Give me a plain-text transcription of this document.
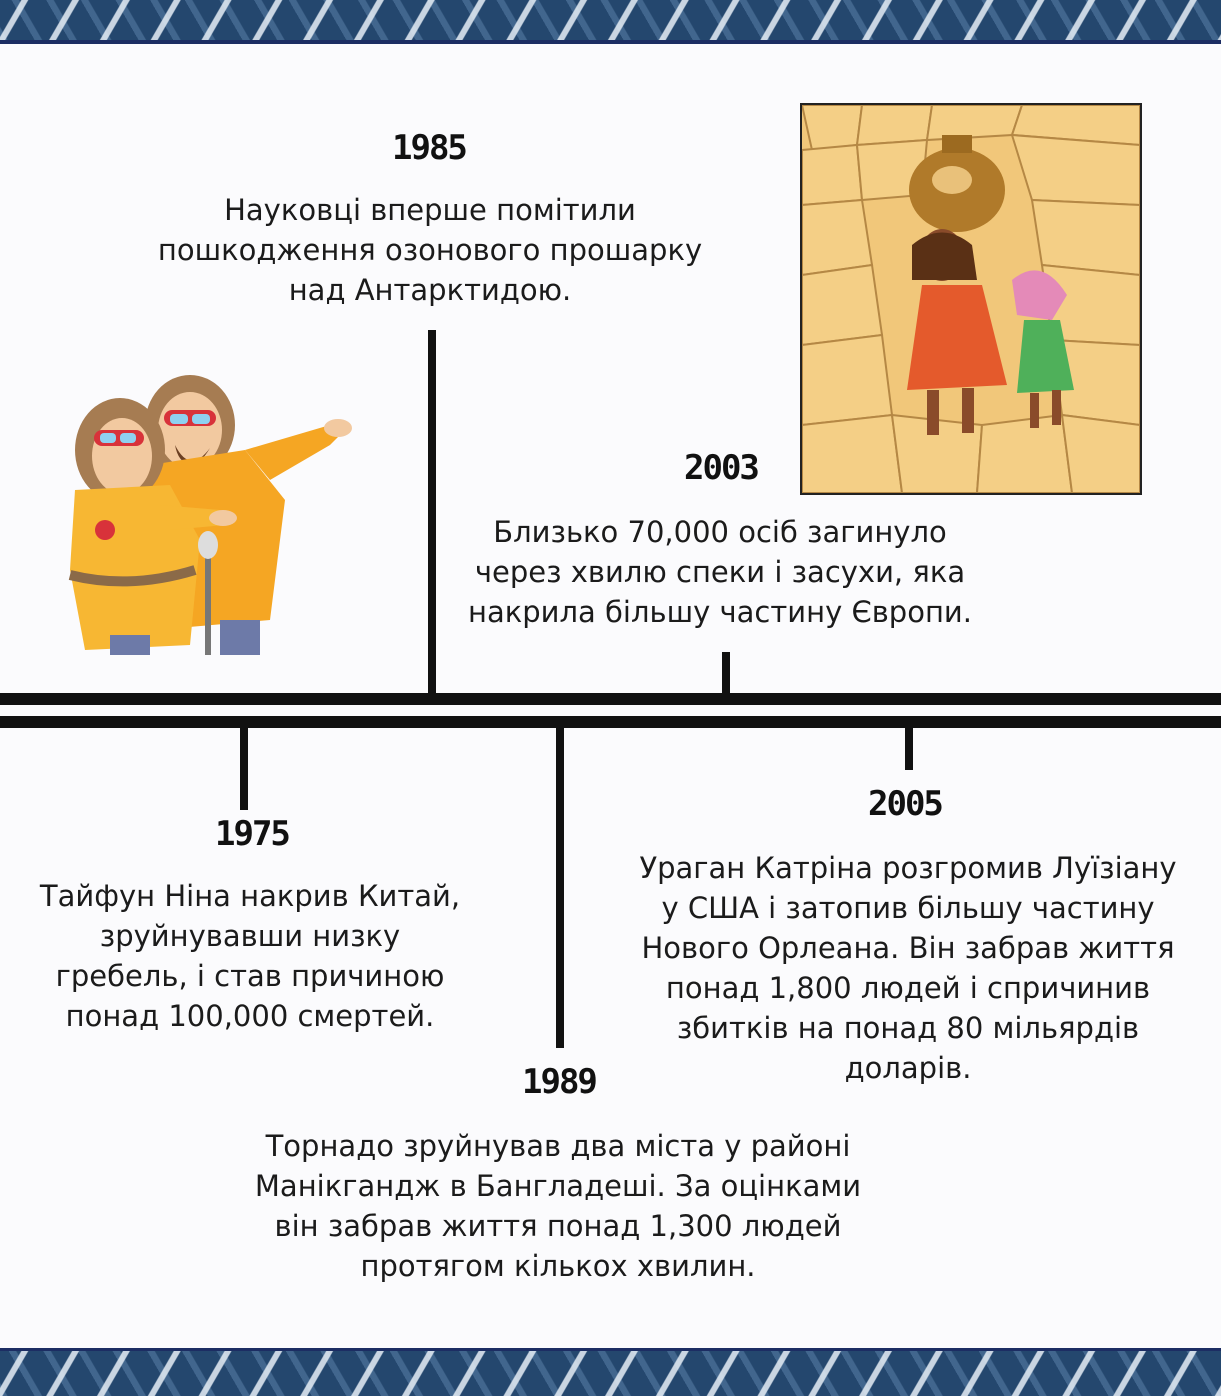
1985
Науковці вперше помітили пошкодження озонового прошарку над Антарктидою.
2003
Близько 70,000 осіб загинуло через хвилю спеки і засухи, яка накрила більшу частину Європи.
1975
Тайфун Ніна накрив Китай, зруйнувавши низку гребель, і став причиною понад 100,000 смертей.
2005
Ураган Катріна розгромив Луїзіану у США і затопив більшу частину Нового Орлеана. Він забрав життя понад 1,800 людей і спричинив збитків на понад 80 мільярдів доларів.
1989
Торнадо зруйнував два міста у районі Манікгандж в Бангладеші. За оцінками він забрав життя понад 1,300 людей протягом кількох хвилин.
